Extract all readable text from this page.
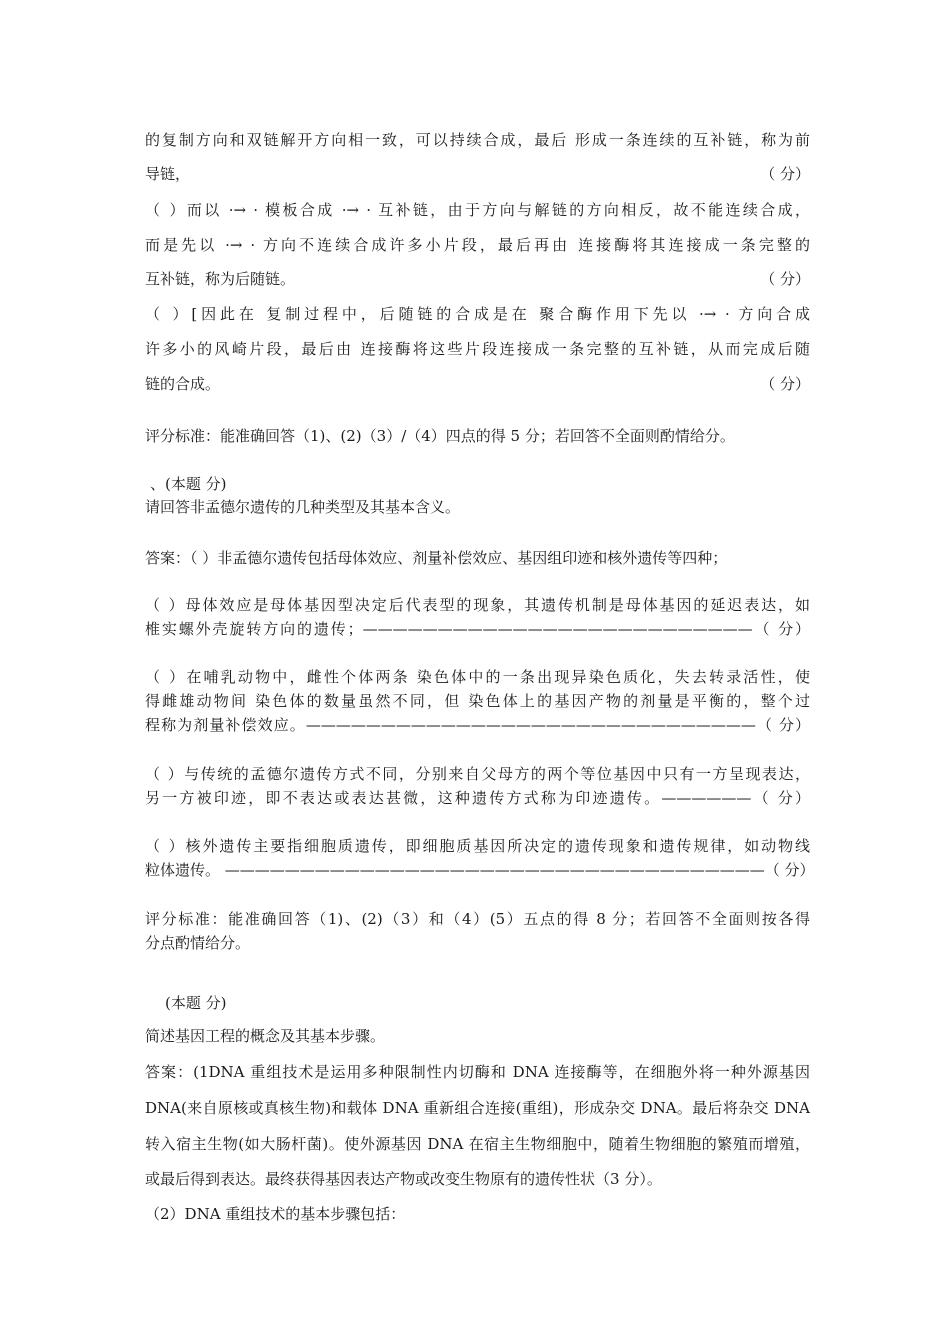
的复制方向和双链解开方向相一致，可以持续合成，最后 形成一条连续的互补链，称为前
导链，	（ 分）
（ ）而以 ·→ · 模板合成 ·→ · 互补链，由于方向与解链的方向相反，故不能连续合成，
而是先以 ·→ · 方向不连续合成许多小片段，最后再由 连接酶将其连接成一条完整的
互补链，称为后随链。	（ 分）
（ ）[因此在 复制过程中，后随链的合成是在 聚合酶作用下先以 ·→ · 方向合成
许多小的风崎片段，最后由 连接酶将这些片段连接成一条完整的互补链，从而完成后随
链的合成。	（ 分）
评分标准：能准确回答（1)、(2)（3）/（4）四点的得 5 分；若回答不全面则酌情给分。
、(本题 分)
请回答非孟德尔遗传的几种类型及其基本含义。
答案：（ ）非孟德尔遗传包括母体效应、剂量补偿效应、基因组印迹和核外遗传等四种；
（ ）母体效应是母体基因型决定后代表型的现象，其遗传机制是母体基因的延迟表达，如
椎实螺外壳旋转方向的遗传；——————————————————————————（ 分）
（ ）在哺乳动物中，雌性个体两条 染色体中的一条出现异染色质化，失去转录活性，使
得雌雄动物间 染色体的数量虽然不同，但 染色体上的基因产物的剂量是平衡的，整个过
程称为剂量补偿效应。——————————————————————————————（ 分）
（ ）与传统的孟德尔遗传方式不同，分别来自父母方的两个等位基因中只有一方呈现表达，
另一方被印迹，即不表达或表达甚微，这种遗传方式称为印迹遗传。——————（ 分）
（ ）核外遗传主要指细胞质遗传，即细胞质基因所决定的遗传现象和遗传规律，如动物线
粒体遗传。 ————————————————————————————————————（ 分）
评分标准：能准确回答（1)、(2)（3）和（4）(5）五点的得 8 分；若回答不全面则按各得
分点酌情给分。
(本题 分)
简述基因工程的概念及其基本步骤。
答案：(1DNA 重组技术是运用多种限制性内切酶和 DNA 连接酶等，在细胞外将一种外源基因
DNA(来自原核或真核生物)和载体 DNA 重新组合连接(重组)，形成杂交 DNA。最后将杂交 DNA
转入宿主生物(如大肠杆菌)。使外源基因 DNA 在宿主生物细胞中，随着生物细胞的繁殖而增殖，
或最后得到表达。最终获得基因表达产物或改变生物原有的遗传性状（3 分）。
（2）DNA 重组技术的基本步骤包括：
